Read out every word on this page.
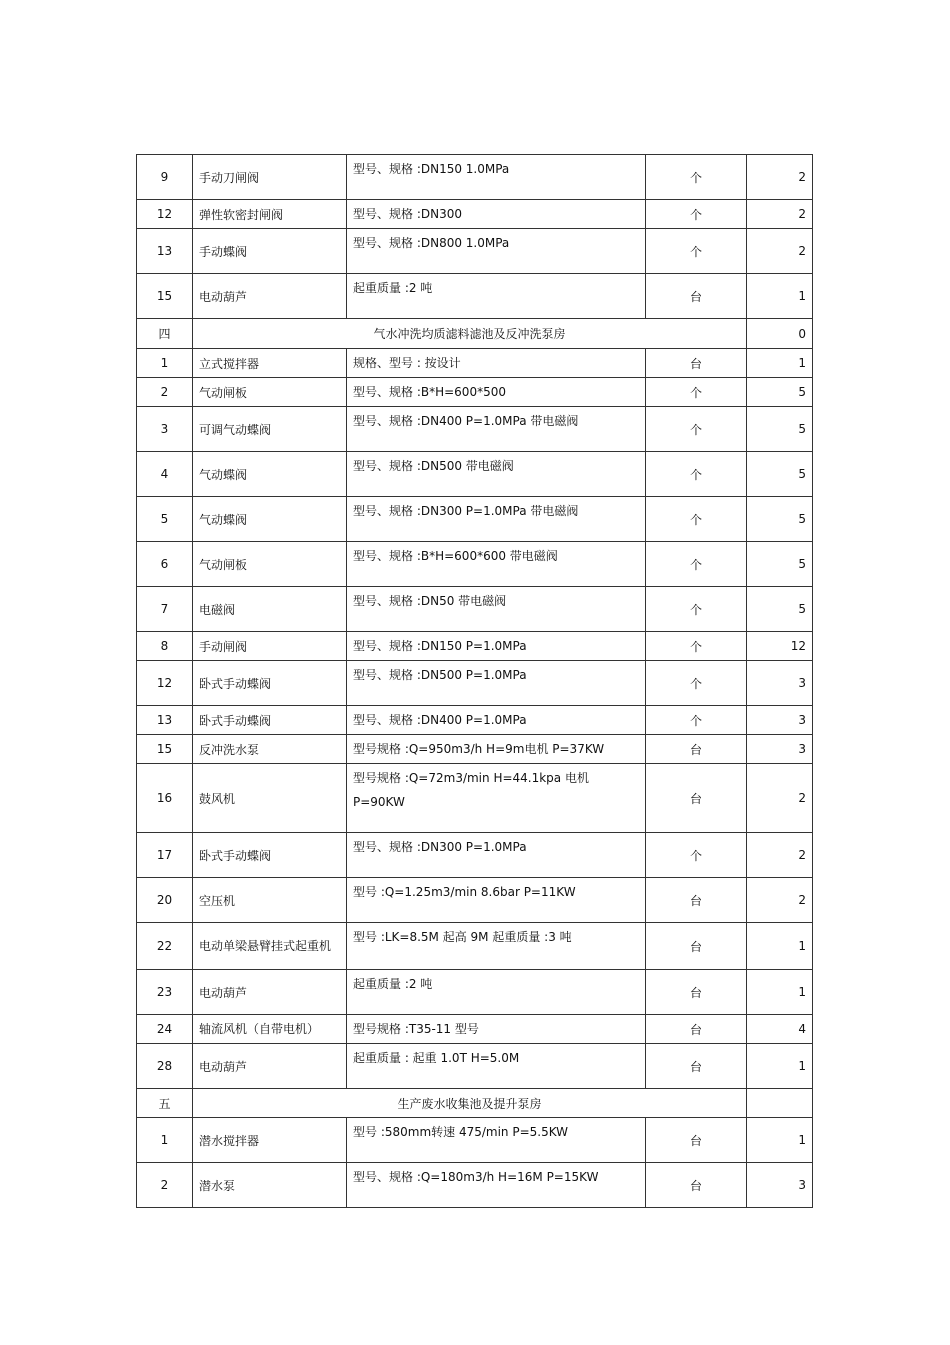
9	手动刀闸阀	型号、规格 :DN150 1.0MPa	个	2
12	弹性软密封闸阀	型号、规格 :DN300	个	2
13	手动蝶阀	型号、规格 :DN800 1.0MPa	个	2
15	电动葫芦	起重质量 :2 吨	台	1
四	气水冲洗均质滤料滤池及反冲洗泵房			0
1	立式搅拌器	规格、型号 : 按设计	台	1
2	气动闸板	型号、规格 :B*H=600*500	个	5
3	可调气动蝶阀	型号、规格 :DN400 P=1.0MPa 带电磁阀	个	5
4	气动蝶阀	型号、规格 :DN500 带电磁阀	个	5
5	气动蝶阀	型号、规格 :DN300 P=1.0MPa 带电磁阀	个	5
6	气动闸板	型号、规格 :B*H=600*600 带电磁阀	个	5
7	电磁阀	型号、规格 :DN50 带电磁阀	个	5
8	手动闸阀	型号、规格 :DN150 P=1.0MPa	个	12
12	卧式手动蝶阀	型号、规格 :DN500 P=1.0MPa	个	3
13	卧式手动蝶阀	型号、规格 :DN400 P=1.0MPa	个	3
15	反冲洗水泵	型号规格 :Q=950m3/h H=9m电机 P=37KW	台	3
16	鼓风机	型号规格 :Q=72m3/min H=44.1kpa 电机 P=90KW	台	2
17	卧式手动蝶阀	型号、规格 :DN300 P=1.0MPa	个	2
20	空压机	型号 :Q=1.25m3/min 8.6bar P=11KW	台	2
22	电动单梁悬臂挂式起重机	型号 :LK=8.5M 起高 9M 起重质量 :3 吨	台	1
23	电动葫芦	起重质量 :2 吨	台	1
24	轴流风机（自带电机）	型号规格 :T35-11 型号	台	4
28	电动葫芦	起重质量 : 起重 1.0T H=5.0M	台	1
五	生产废水收集池及提升泵房			
1	潜水搅拌器	型号 :580mm转速 475/min P=5.5KW	台	1
2	潜水泵	型号、规格 :Q=180m3/h H=16M P=15KW	台	3
